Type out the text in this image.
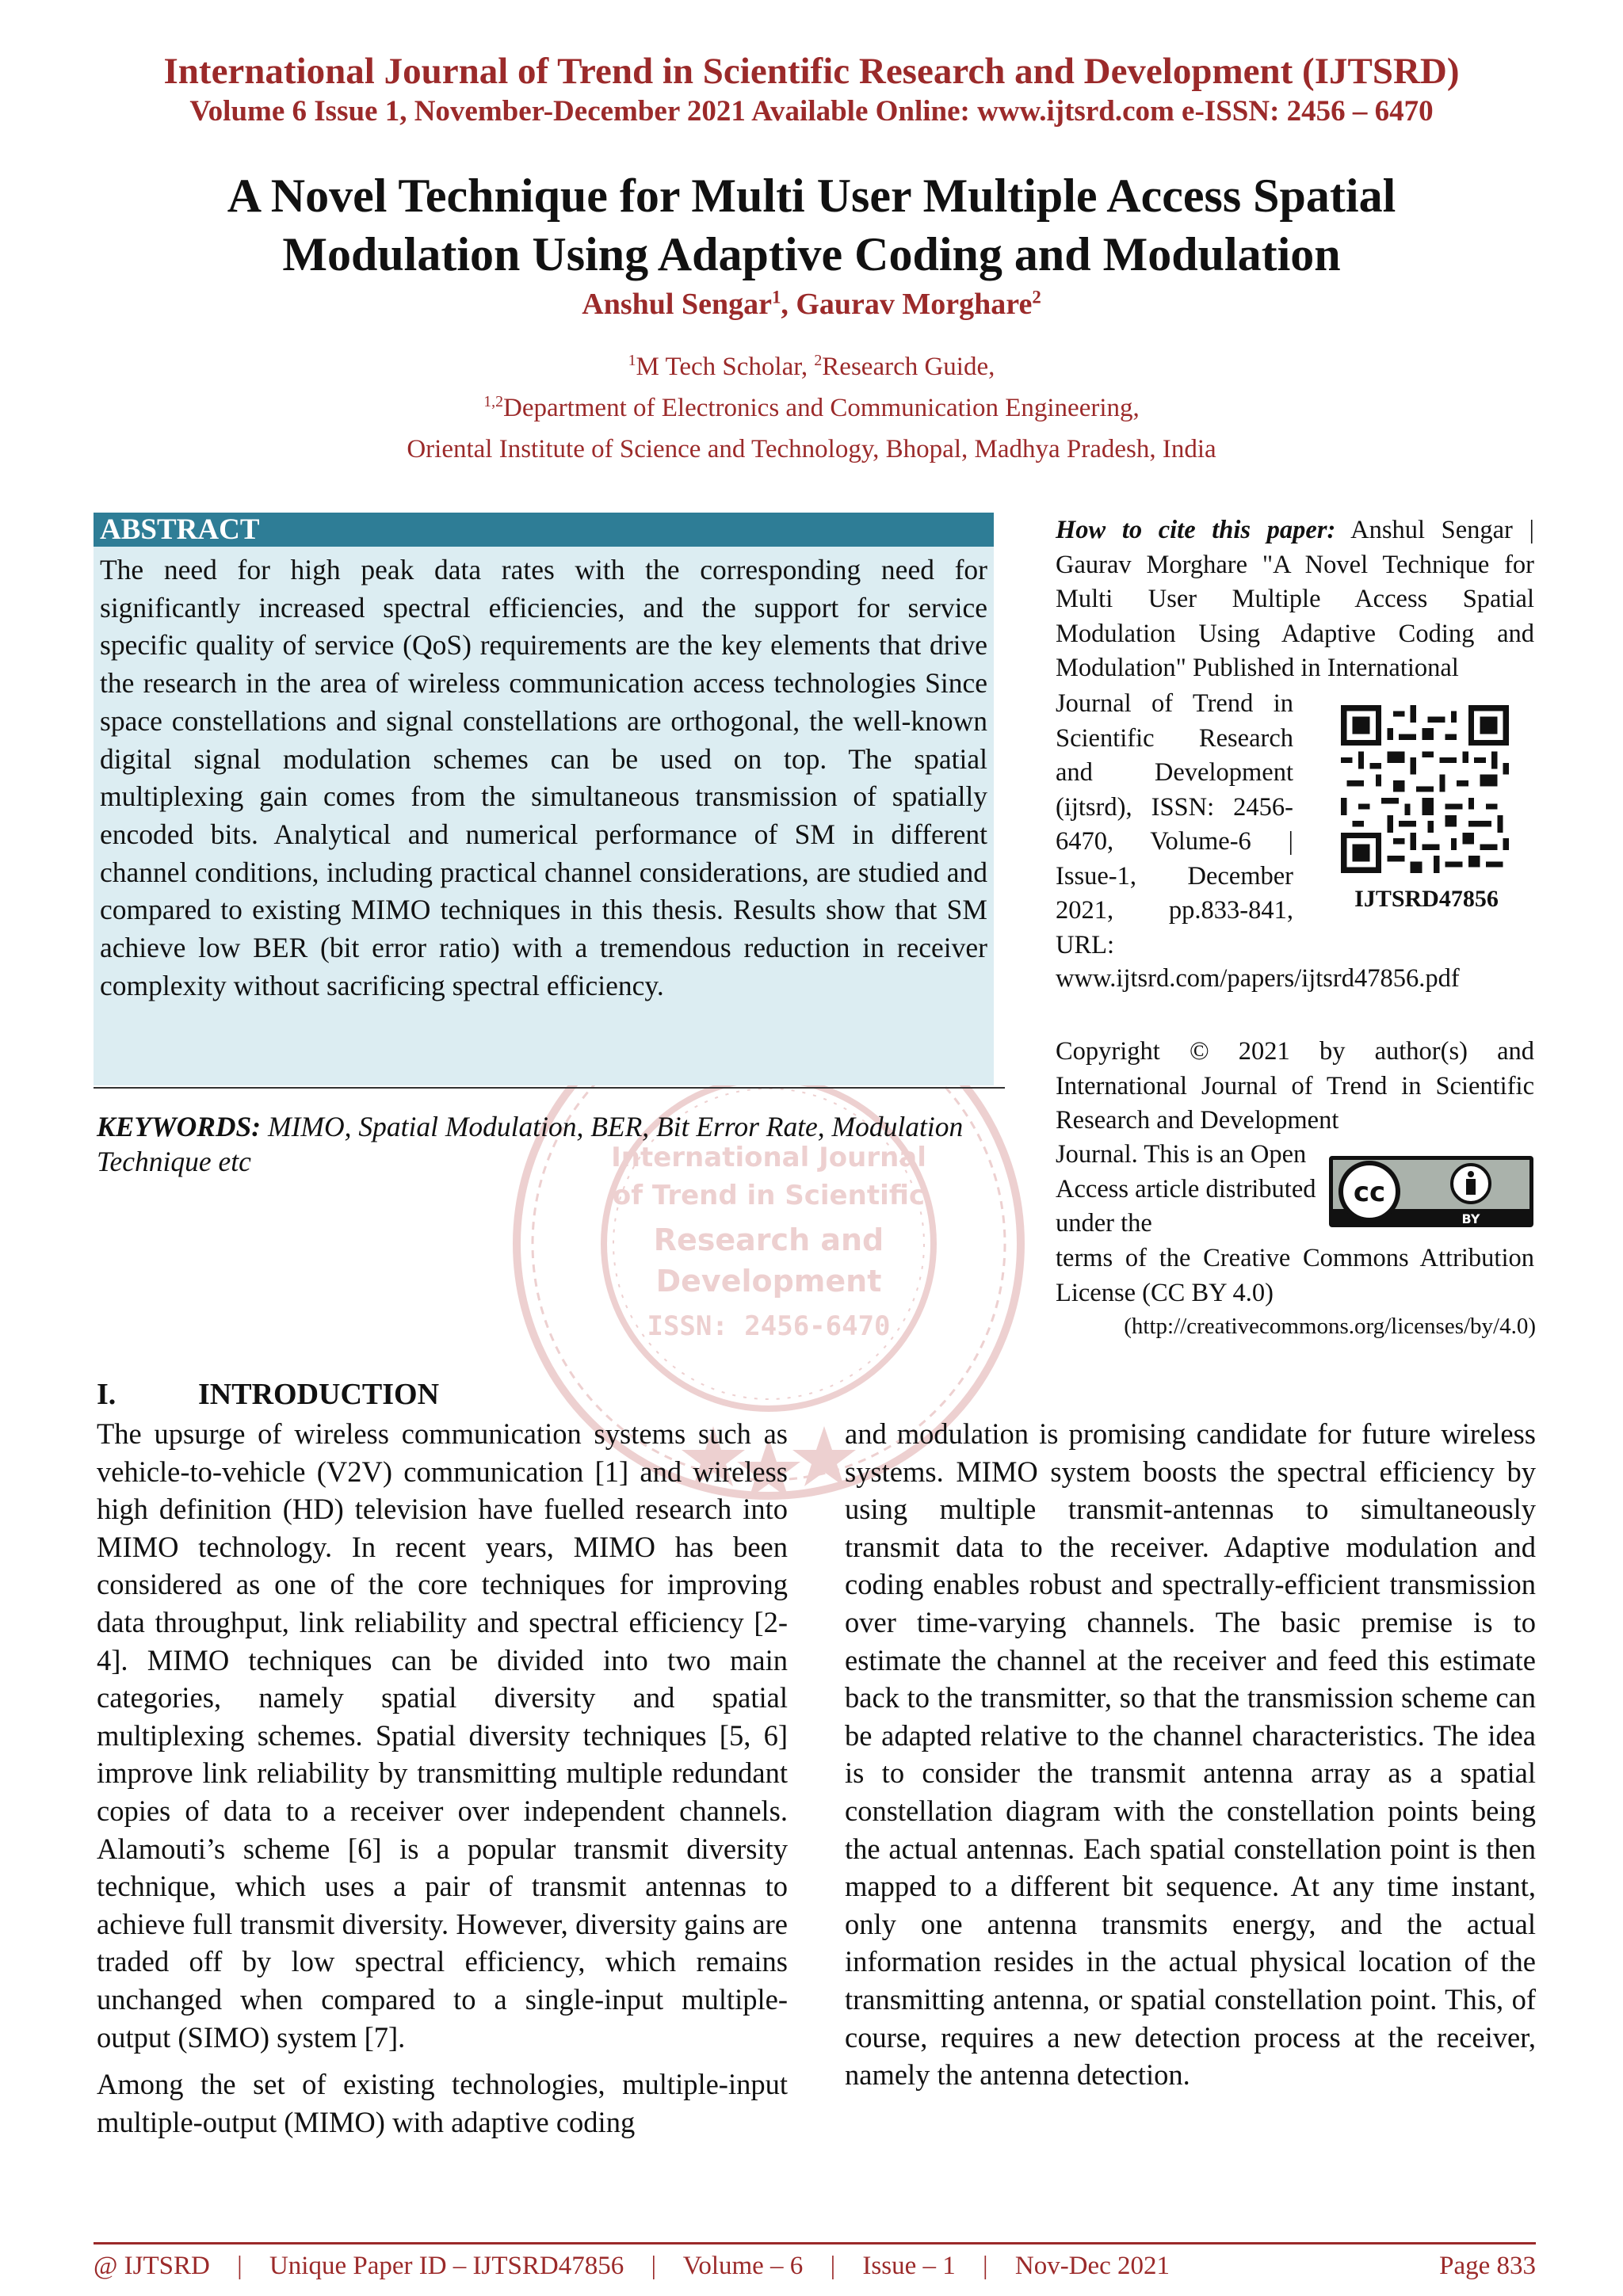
International Journal
of Trend in Scientific
Research and
Development
ISSN: 2456-6470
International Journal of Trend in Scientific Research and Development (IJTSRD)
Volume 6 Issue 1, November-December 2021 Available Online: www.ijtsrd.com e-ISSN: 2456 – 6470
A Novel Technique for Multi User Multiple Access Spatial
Modulation Using Adaptive Coding and Modulation
Anshul Sengar$^1$, Gaurav Morghare$^2$
$^1$M Tech Scholar, $^2$Research Guide,
$^{1,2}$Department of Electronics and Communication Engineering,
Oriental Institute of Science and Technology, Bhopal, Madhya Pradesh, India
ABSTRACT

The need for high peak data rates with the corresponding need for significantly increased spectral efficiencies, and the support for service specific quality of service (QoS) requirements are the key elements that drive the research in the area of wireless communication access technologies Since space constellations and signal constellations are orthogonal, the well-known digital signal modulation schemes can be used on top. The spatial multiplexing gain comes from the simultaneous transmission of spatially encoded bits. Analytical and numerical performance of SM in different channel conditions, including practical channel considerations, are studied and compared to existing MIMO techniques in this thesis. Results show that SM achieve low BER (bit error ratio) with a tremendous reduction in receiver complexity without sacrificing spectral efficiency.

KEYWORDS: MIMO, Spatial Modulation, BER, Bit Error Rate, Modulation Technique etc
How to cite this paper: Anshul Sengar | Gaurav Morghare "A Novel Technique for Multi User Multiple Access Spatial Modulation Using Adaptive Coding and Modulation" Published in International
Journal of Trend in Scientific Research and Development (ijtsrd), ISSN: 2456-6470, Volume-6 | Issue-1, December 2021, pp.833-841, URL:
www.ijtsrd.com/papers/ijtsrd47856.pdf
IJTSRD47856
Copyright © 2021 by author(s) and International Journal of Trend in Scientific Research and Development
Journal. This is an Open Access article distributed under the
terms of the Creative Commons Attribution License (CC BY 4.0)
(http://creativecommons.org/licenses/by/4.0)
cc
BY
I.	INTRODUCTION

The upsurge of wireless communication systems such as vehicle-to-vehicle (V2V) communication [1] and wireless high definition (HD) television have fuelled research into MIMO technology. In recent years, MIMO has been considered as one of the core techniques for improving data throughput, link reliability and spectral efficiency [2-4]. MIMO techniques can be divided into two main categories, namely spatial diversity and spatial multiplexing schemes. Spatial diversity techniques [5, 6] improve link reliability by transmitting multiple redundant copies of data to a receiver over independent channels. Alamouti’s scheme [6] is a popular transmit diversity technique, which uses a pair of transmit antennas to achieve full transmit diversity. However, diversity gains are traded off by low spectral efficiency, which remains unchanged when compared to a single-input multiple-output (SIMO) system [7].

Among the set of existing technologies, multiple-input multiple-output (MIMO) with adaptive coding

and modulation is promising candidate for future wireless systems. MIMO system boosts the spectral efficiency by using multiple transmit-antennas to simultaneously transmit data to the receiver. Adaptive modulation and coding enables robust and spectrally-efficient transmission over time-varying channels. The basic premise is to estimate the channel at the receiver and feed this estimate back to the transmitter, so that the transmission scheme can be adapted relative to the channel characteristics. The idea is to consider the transmit antenna array as a spatial constellation diagram with the constellation points being the actual antennas. Each spatial constellation point is then mapped to a different bit sequence. At any time instant, only one antenna transmits energy, and the actual information resides in the actual physical location of the transmitting antenna, or spatial constellation point. This, of course, requires a new detection process at the receiver, namely the antenna detection.

@ IJTSRD | Unique Paper ID – IJTSRD47856 | Volume – 6 | Issue – 1 | Nov-Dec 2021	Page 833
